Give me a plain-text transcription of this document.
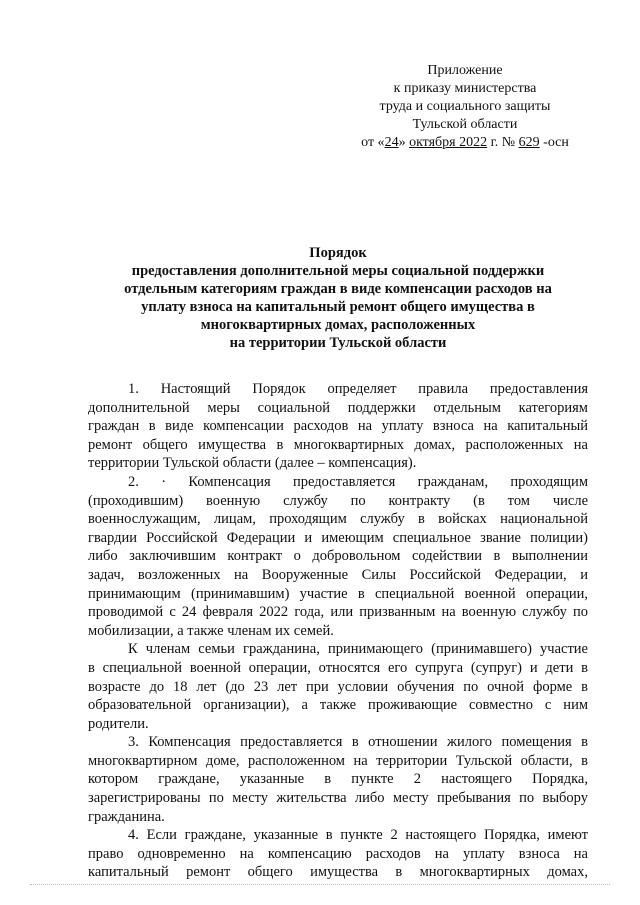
Приложение
к приказу министерства
труда и социального защиты
Тульской области
от «24» октября 2022 г. № 629 -осн
Порядок
предоставления дополнительной меры социальной поддержки
отдельным категориям граждан в виде компенсации расходов на
уплату взноса на капитальный ремонт общего имущества в
многоквартирных домах, расположенных
на территории Тульской области
1. Настоящий Порядок определяет правила предоставления
дополнительной меры социальной поддержки отдельным категориям
граждан в виде компенсации расходов на уплату взноса на капитальный
ремонт общего имущества в многоквартирных домах, расположенных на
территории Тульской области (далее – компенсация).
2. · Компенсация предоставляется гражданам, проходящим
(проходившим) военную службу по контракту (в том числе
военнослужащим, лицам, проходящим службу в войсках национальной
гвардии Российской Федерации и имеющим специальное звание полиции)
либо заключившим контракт о добровольном содействии в выполнении
задач, возложенных на Вооруженные Силы Российской Федерации, и
принимающим (принимавшим) участие в специальной военной операции,
проводимой с 24 февраля 2022 года, или призванным на военную службу по
мобилизации, а также членам их семей.
К членам семьи гражданина, принимающего (принимавшего) участие
в специальной военной операции, относятся его супруга (супруг) и дети в
возрасте до 18 лет (до 23 лет при условии обучения по очной форме в
образовательной организации), а также проживающие совместно с ним
родители.
3. Компенсация предоставляется в отношении жилого помещения в
многоквартирном доме, расположенном на территории Тульской области, в
котором граждане, указанные в пункте 2 настоящего Порядка,
зарегистрированы по месту жительства либо месту пребывания по выбору
гражданина.
4. Если граждане, указанные в пункте 2 настоящего Порядка, имеют
право одновременно на компенсацию расходов на уплату взноса на
капитальный ремонт общего имущества в многоквартирных домах,
